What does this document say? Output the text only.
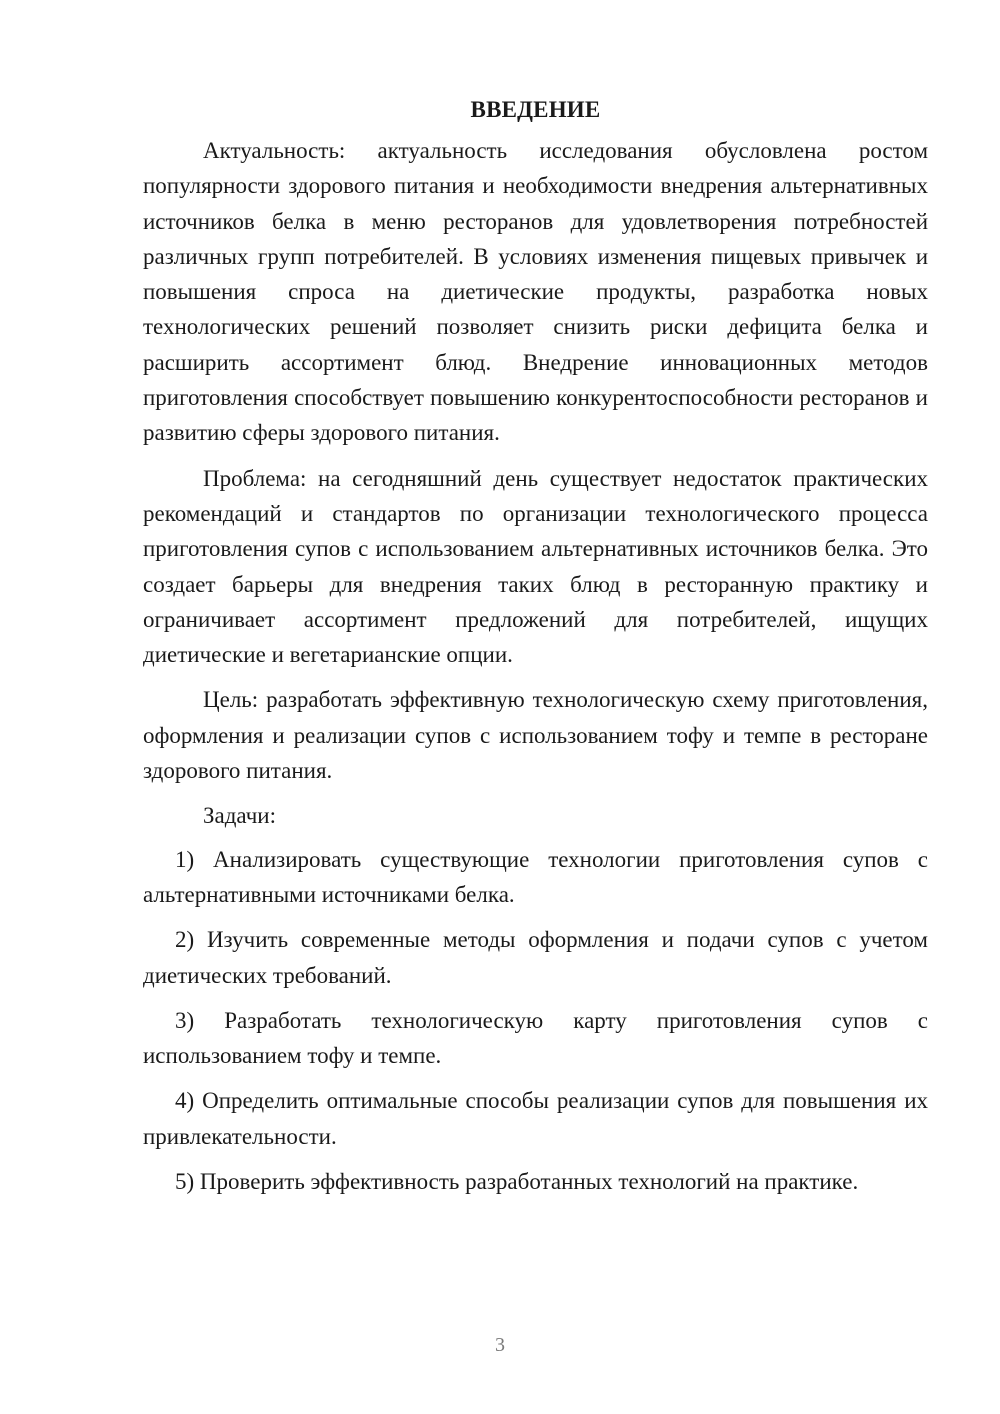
ВВЕДЕНИЕ

Актуальность: актуальность исследования обусловлена ростом популярности здорового питания и необходимости внедрения альтернативных источников белка в меню ресторанов для удовлетворения потребностей различных групп потребителей. В условиях изменения пищевых привычек и повышения спроса на диетические продукты, разработка новых технологических решений позволяет снизить риски дефицита белка и расширить ассортимент блюд. Внедрение инновационных методов приготовления способствует повышению конкурентоспособности ресторанов и развитию сферы здорового питания.

Проблема: на сегодняшний день существует недостаток практических рекомендаций и стандартов по организации технологического процесса приготовления супов с использованием альтернативных источников белка. Это создает барьеры для внедрения таких блюд в ресторанную практику и ограничивает ассортимент предложений для потребителей, ищущих диетические и вегетарианские опции.

Цель: разработать эффективную технологическую схему приготовления, оформления и реализации супов с использованием тофу и темпе в ресторане здорового питания.

Задачи:

1) Анализировать существующие технологии приготовления супов с альтернативными источниками белка.

2) Изучить современные методы оформления и подачи супов с учетом диетических требований.

3) Разработать технологическую карту приготовления супов с использованием тофу и темпе.

4) Определить оптимальные способы реализации супов для повышения их привлекательности.

5) Проверить эффективность разработанных технологий на практике.

3
